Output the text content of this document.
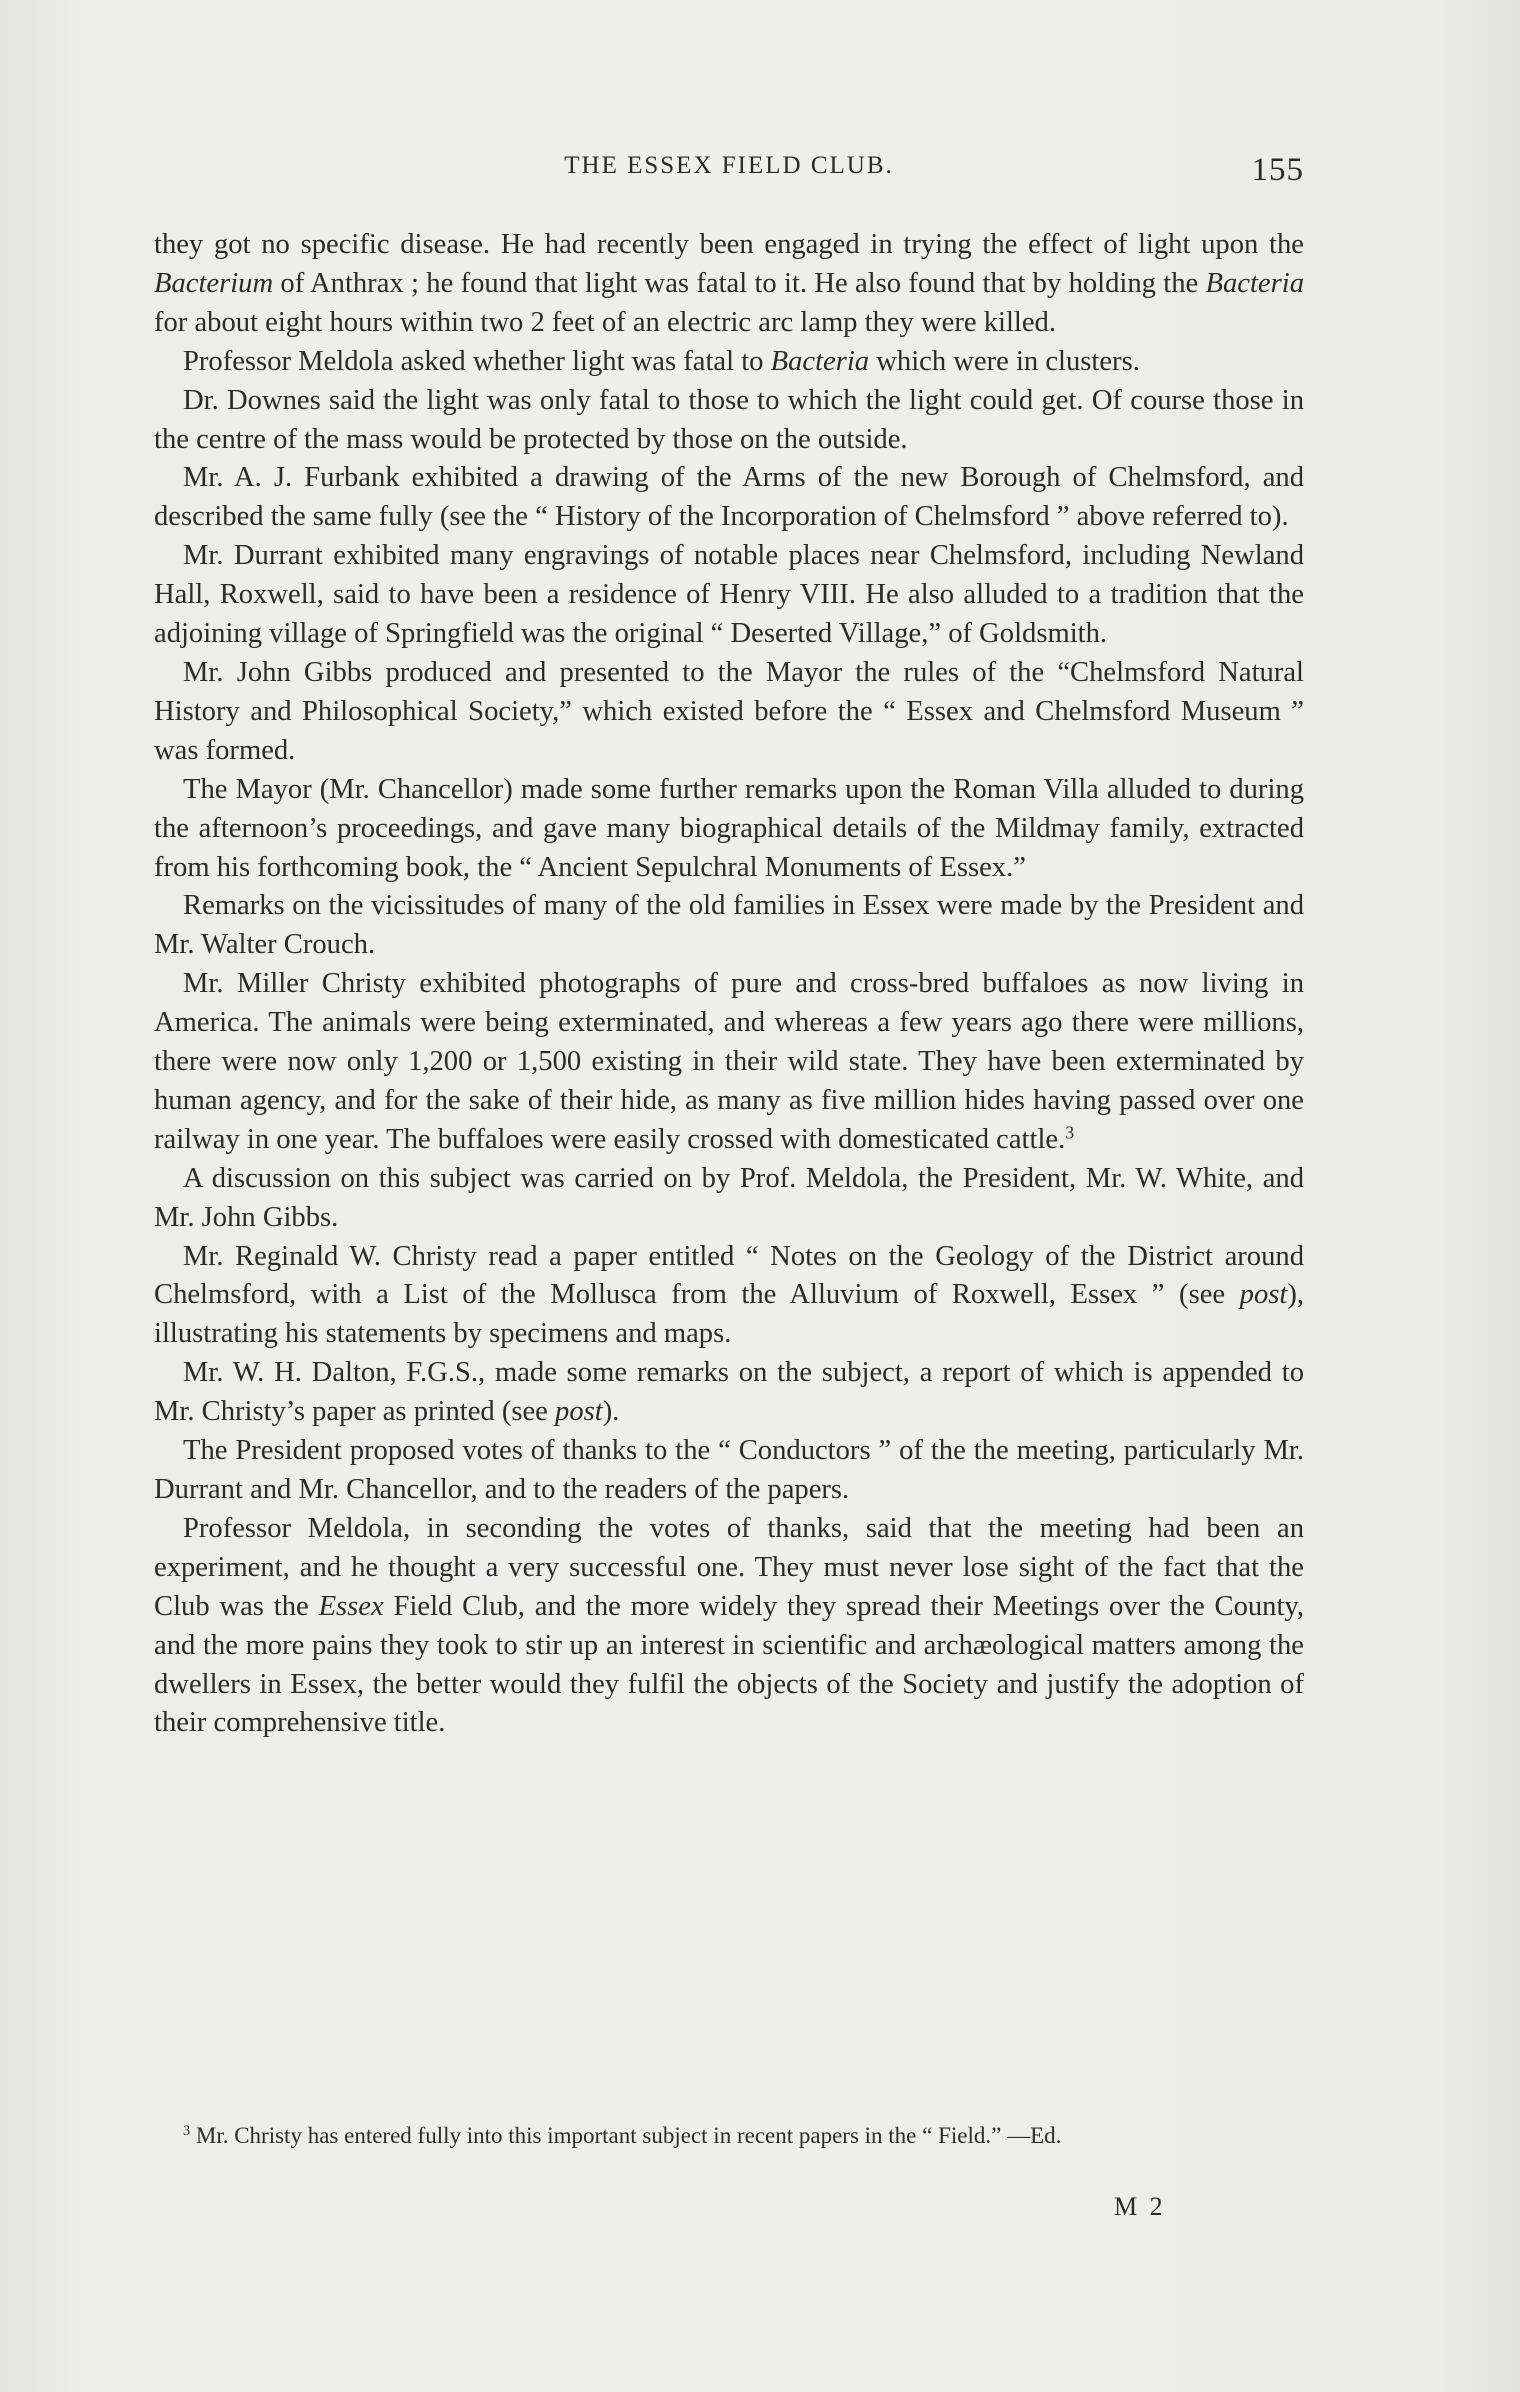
THE ESSEX FIELD CLUB.	155

they got no specific disease. He had recently been engaged in trying the effect of light upon the Bacterium of Anthrax ; he found that light was fatal to it. He also found that by holding the Bacteria for about eight hours within two 2 feet of an electric arc lamp they were killed.

Professor Meldola asked whether light was fatal to Bacteria which were in clusters.

Dr. Downes said the light was only fatal to those to which the light could get. Of course those in the centre of the mass would be protected by those on the outside.

Mr. A. J. Furbank exhibited a drawing of the Arms of the new Borough of Chelmsford, and described the same fully (see the “ History of the Incorporation of Chelmsford ” above referred to).

Mr. Durrant exhibited many engravings of notable places near Chelmsford, including Newland Hall, Roxwell, said to have been a residence of Henry VIII. He also alluded to a tradition that the adjoining village of Springfield was the original “ Deserted Village,” of Goldsmith.

Mr. John Gibbs produced and presented to the Mayor the rules of the “Chelmsford Natural History and Philosophical Society,” which existed before the “ Essex and Chelmsford Museum ” was formed.

The Mayor (Mr. Chancellor) made some further remarks upon the Roman Villa alluded to during the afternoon’s proceedings, and gave many biographical details of the Mildmay family, extracted from his forthcoming book, the “ Ancient Sepulchral Monuments of Essex.”

Remarks on the vicissitudes of many of the old families in Essex were made by the President and Mr. Walter Crouch.

Mr. Miller Christy exhibited photographs of pure and cross-bred buffaloes as now living in America. The animals were being exterminated, and whereas a few years ago there were millions, there were now only 1,200 or 1,500 existing in their wild state. They have been exterminated by human agency, and for the sake of their hide, as many as five million hides having passed over one railway in one year. The buffaloes were easily crossed with domesticated cattle.$^3$

A discussion on this subject was carried on by Prof. Meldola, the President, Mr. W. White, and Mr. John Gibbs.

Mr. Reginald W. Christy read a paper entitled “ Notes on the Geology of the District around Chelmsford, with a List of the Mollusca from the Alluvium of Roxwell, Essex ” (see post), illustrating his statements by specimens and maps.

Mr. W. H. Dalton, F.G.S., made some remarks on the subject, a report of which is appended to Mr. Christy’s paper as printed (see post).

The President proposed votes of thanks to the “ Conductors ” of the the meeting, particularly Mr. Durrant and Mr. Chancellor, and to the readers of the papers.

Professor Meldola, in seconding the votes of thanks, said that the meeting had been an experiment, and he thought a very successful one. They must never lose sight of the fact that the Club was the Essex Field Club, and the more widely they spread their Meetings over the County, and the more pains they took to stir up an interest in scientific and archæological matters among the dwellers in Essex, the better would they fulfil the objects of the Society and justify the adoption of their comprehensive title.

$^3$ Mr. Christy has entered fully into this important subject in recent papers in the “ Field.” —Ed.

M 2
